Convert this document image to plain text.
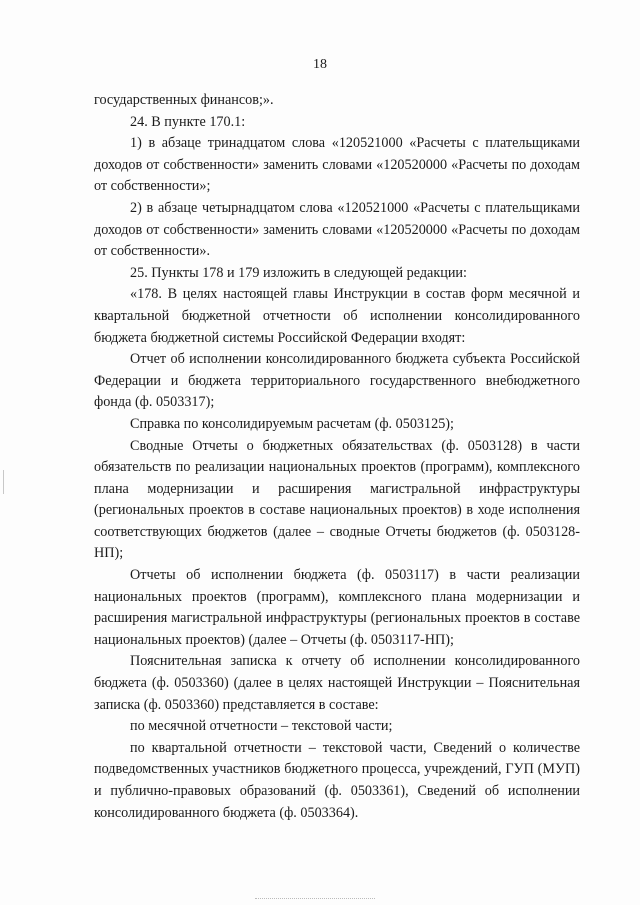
18

государственных финансов;».

24. В пункте 170.1:

1) в абзаце тринадцатом слова «120521000 «Расчеты с плательщиками доходов от собственности» заменить словами «120520000 «Расчеты по доходам от собственности»;

2) в абзаце четырнадцатом слова «120521000 «Расчеты с плательщиками доходов от собственности» заменить словами «120520000 «Расчеты по доходам от собственности».

25. Пункты 178 и 179 изложить в следующей редакции:

«178. В целях настоящей главы Инструкции в состав форм месячной и квартальной бюджетной отчетности об исполнении консолидированного бюджета бюджетной системы Российской Федерации входят:

Отчет об исполнении консолидированного бюджета субъекта Российской Федерации и бюджета территориального государственного внебюджетного фонда (ф. 0503317);

Справка по консолидируемым расчетам (ф. 0503125);

Сводные Отчеты о бюджетных обязательствах (ф. 0503128) в части обязательств по реализации национальных проектов (программ), комплексного плана модернизации и расширения магистральной инфраструктуры (региональных проектов в составе национальных проектов) в ходе исполнения соответствующих бюджетов (далее – сводные Отчеты бюджетов (ф. 0503128-НП);

Отчеты об исполнении бюджета (ф. 0503117) в части реализации национальных проектов (программ), комплексного плана модернизации и расширения магистральной инфраструктуры (региональных проектов в составе национальных проектов) (далее – Отчеты (ф. 0503117-НП);

Пояснительная записка к отчету об исполнении консолидированного бюджета (ф. 0503360) (далее в целях настоящей Инструкции – Пояснительная записка (ф. 0503360) представляется в составе:

по месячной отчетности – текстовой части;

по квартальной отчетности – текстовой части, Сведений о количестве подведомственных участников бюджетного процесса, учреждений, ГУП (МУП) и публично-правовых образований (ф. 0503361), Сведений об исполнении консолидированного бюджета (ф. 0503364).
